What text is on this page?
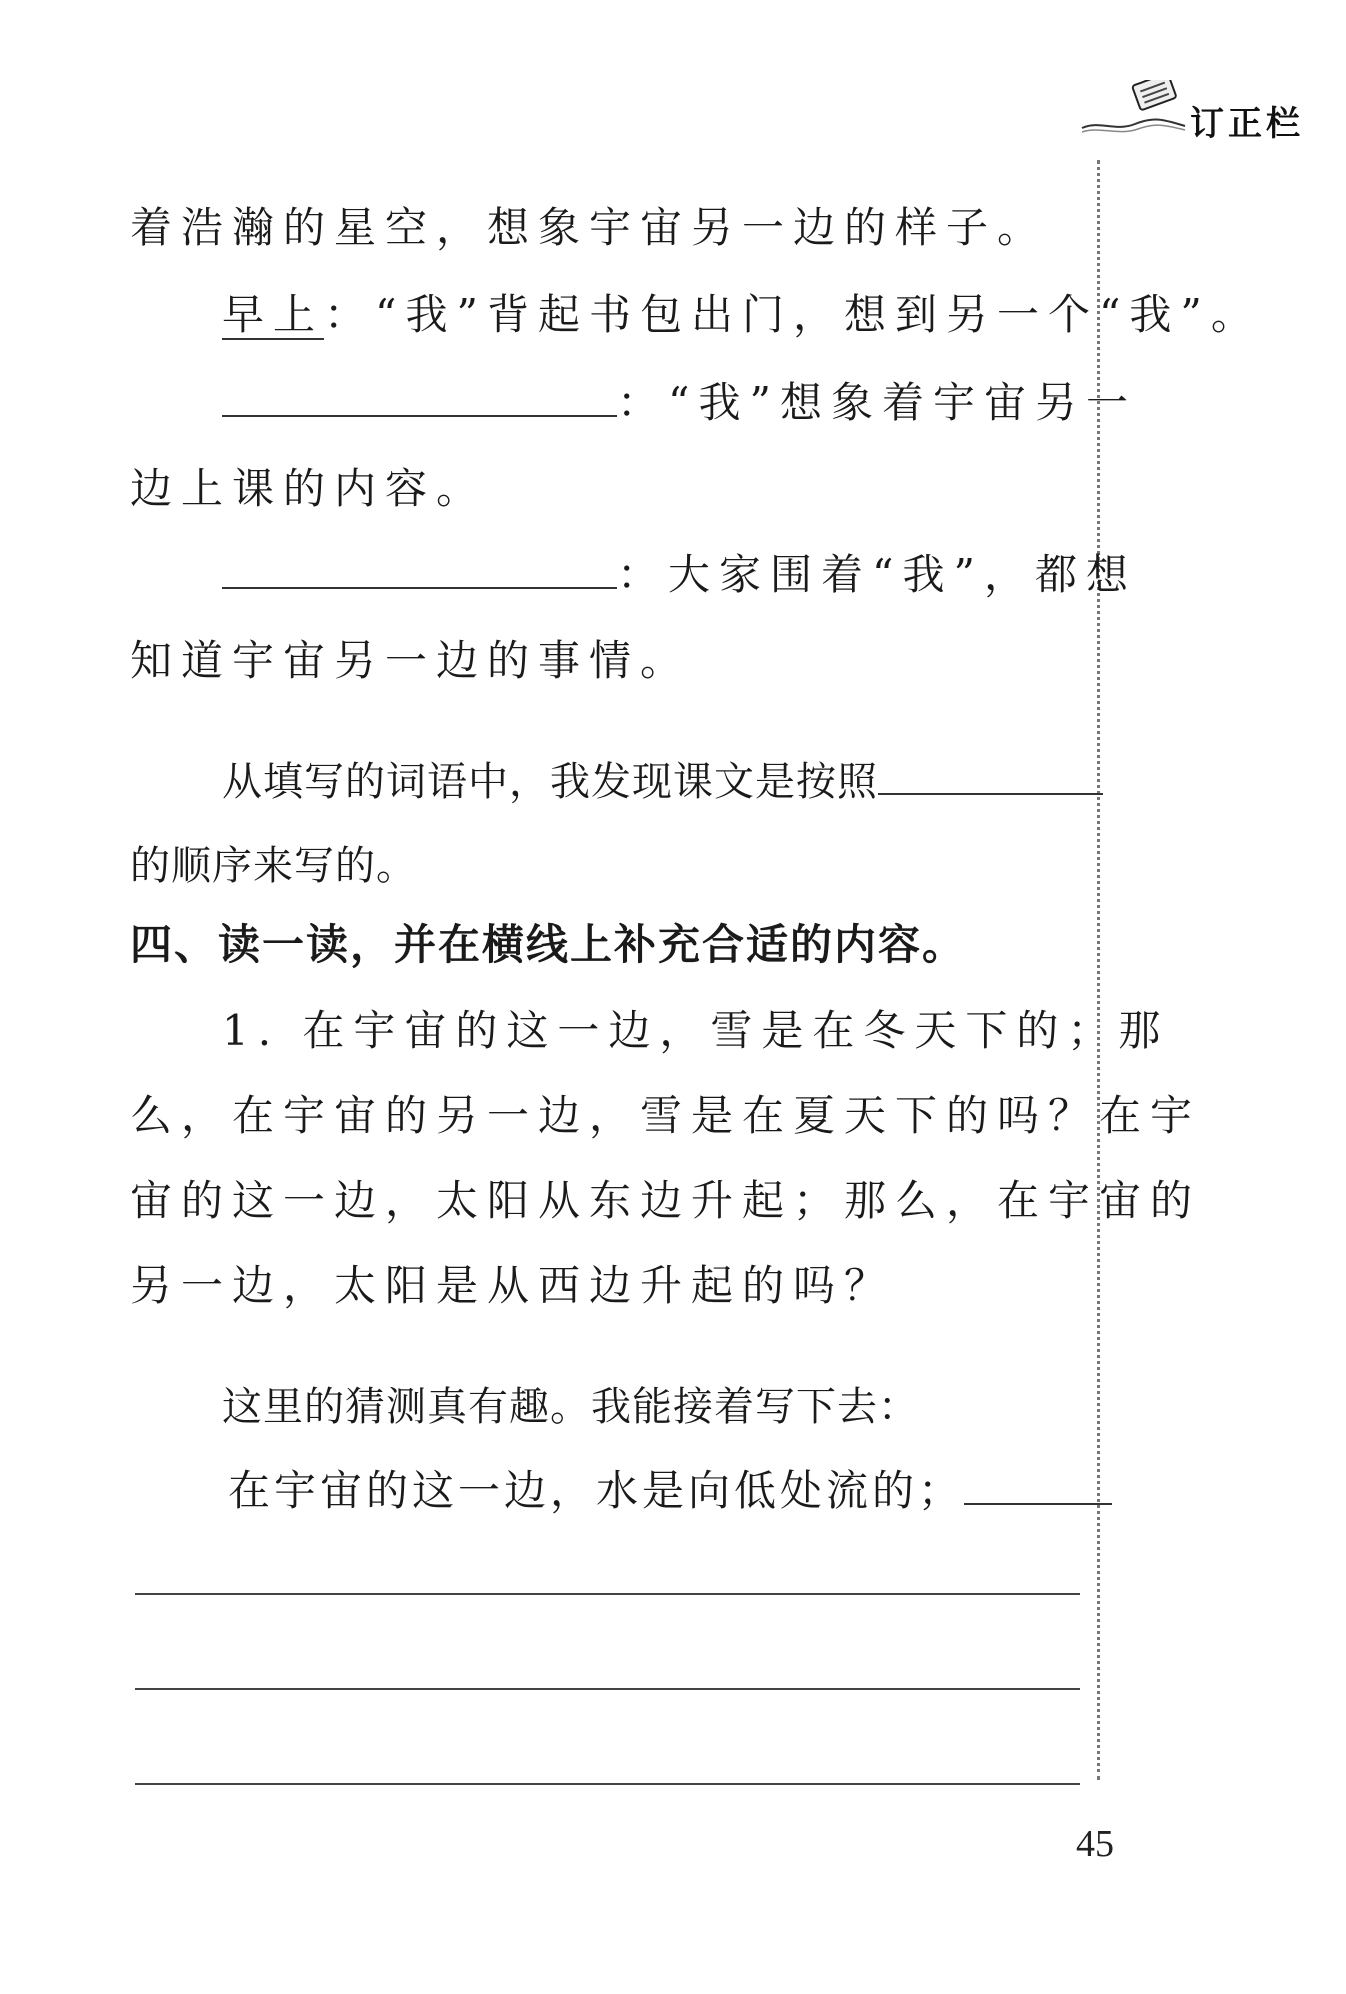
订正栏
着浩瀚的星空，想象宇宙另一边的样子。
早上：“我”背起书包出门，想到另一个“我”。
：“我”想象着宇宙另一
边上课的内容。
：大家围着“我”，都想
知道宇宙另一边的事情。
从填写的词语中，我发现课文是按照
的顺序来写的。
四、读一读，并在横线上补充合适的内容。
1. 在宇宙的这一边，雪是在冬天下的；那
么，在宇宙的另一边，雪是在夏天下的吗？在宇
宙的这一边，太阳从东边升起；那么，在宇宙的
另一边，太阳是从西边升起的吗？
这里的猜测真有趣。我能接着写下去：
在宇宙的这一边，水是向低处流的；
45
